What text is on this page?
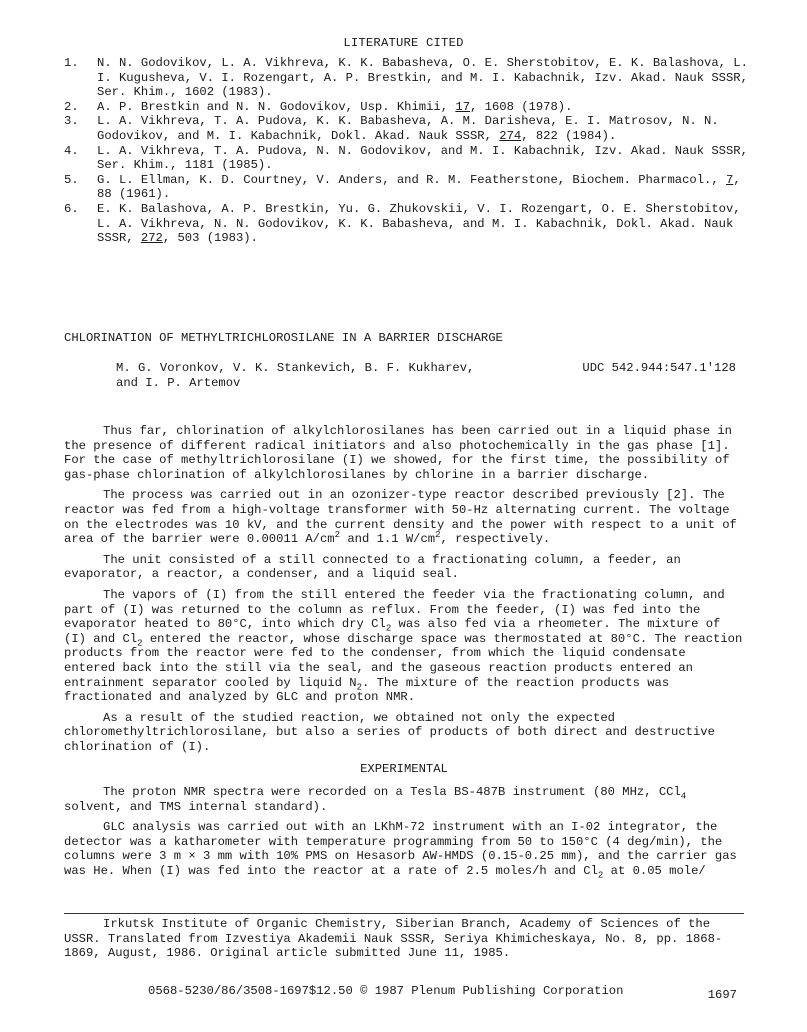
LITERATURE CITED
1.	N. N. Godovikov, L. A. Vikhreva, K. K. Babasheva, O. E. Sherstobitov, E. K. Balashova, L. I. Kugusheva, V. I. Rozengart, A. P. Brestkin, and M. I. Kabachnik, Izv. Akad. Nauk SSSR, Ser. Khim., 1602 (1983).
2.	A. P. Brestkin and N. N. Godovikov, Usp. Khimii, 17, 1608 (1978).
3.	L. A. Vikhreva, T. A. Pudova, K. K. Babasheva, A. M. Darisheva, E. I. Matrosov, N. N. Godovikov, and M. I. Kabachnik, Dokl. Akad. Nauk SSSR, 274, 822 (1984).
4.	L. A. Vikhreva, T. A. Pudova, N. N. Godovikov, and M. I. Kabachnik, Izv. Akad. Nauk SSSR, Ser. Khim., 1181 (1985).
5.	G. L. Ellman, K. D. Courtney, V. Anders, and R. M. Featherstone, Biochem. Pharmacol., 7, 88 (1961).
6.	E. K. Balashova, A. P. Brestkin, Yu. G. Zhukovskii, V. I. Rozengart, O. E. Sherstobitov, L. A. Vikhreva, N. N. Godovikov, K. K. Babasheva, and M. I. Kabachnik, Dokl. Akad. Nauk SSSR, 272, 503 (1983).
CHLORINATION OF METHYLTRICHLOROSILANE IN A BARRIER DISCHARGE
M. G. Voronkov, V. K. Stankevich, B. F. Kukharev,
and I. P. Artemov
UDC 542.944:547.1'128

Thus far, chlorination of alkylchlorosilanes has been carried out in a liquid phase in the presence of different radical initiators and also photochemically in the gas phase [1]. For the case of methyltrichlorosilane (I) we showed, for the first time, the possibility of gas-phase chlorination of alkylchlorosilanes by chlorine in a barrier discharge.

The process was carried out in an ozonizer-type reactor described previously [2]. The reactor was fed from a high-voltage transformer with 50-Hz alternating current. The voltage on the electrodes was 10 kV, and the current density and the power with respect to a unit of area of the barrier were 0.00011 $A/cm^2$ and 1.1 $W/cm^2$, respectively.

The unit consisted of a still connected to a fractionating column, a feeder, an evaporator, a reactor, a condenser, and a liquid seal.

The vapors of (I) from the still entered the feeder via the fractionating column, and part of (I) was returned to the column as reflux. From the feeder, (I) was fed into the evaporator heated to 80°C, into which dry $Cl_2$ was also fed via a rheometer. The mixture of (I) and $Cl_2$ entered the reactor, whose discharge space was thermostated at 80°C. The reaction products from the reactor were fed to the condenser, from which the liquid condensate entered back into the still via the seal, and the gaseous reaction products entered an entrainment separator cooled by liquid $N_2$. The mixture of the reaction products was fractionated and analyzed by GLC and proton NMR.

As a result of the studied reaction, we obtained not only the expected chloromethyltrichlorosilane, but also a series of products of both direct and destructive chlorination of (I).

EXPERIMENTAL

The proton NMR spectra were recorded on a Tesla BS-487B instrument (80 MHz, CCl$_4$ solvent, and TMS internal standard).

GLC analysis was carried out with an LKhM-72 instrument with an I-02 integrator, the detector was a katharometer with temperature programming from 50 to 150°C (4 deg/min), the columns were 3 m × 3 mm with 10% PMS on Hesasorb AW-HMDS (0.15-0.25 mm), and the carrier gas was He. When (I) was fed into the reactor at a rate of 2.5 moles/h and $Cl_2$ at 0.05 mole/

Irkutsk Institute of Organic Chemistry, Siberian Branch, Academy of Sciences of the USSR. Translated from Izvestiya Akademii Nauk SSSR, Seriya Khimicheskaya, No. 8, pp. 1868-1869, August, 1986. Original article submitted June 11, 1985.
0568-5230/86/3508-1697$12.50 © 1987 Plenum Publishing Corporation	1697
